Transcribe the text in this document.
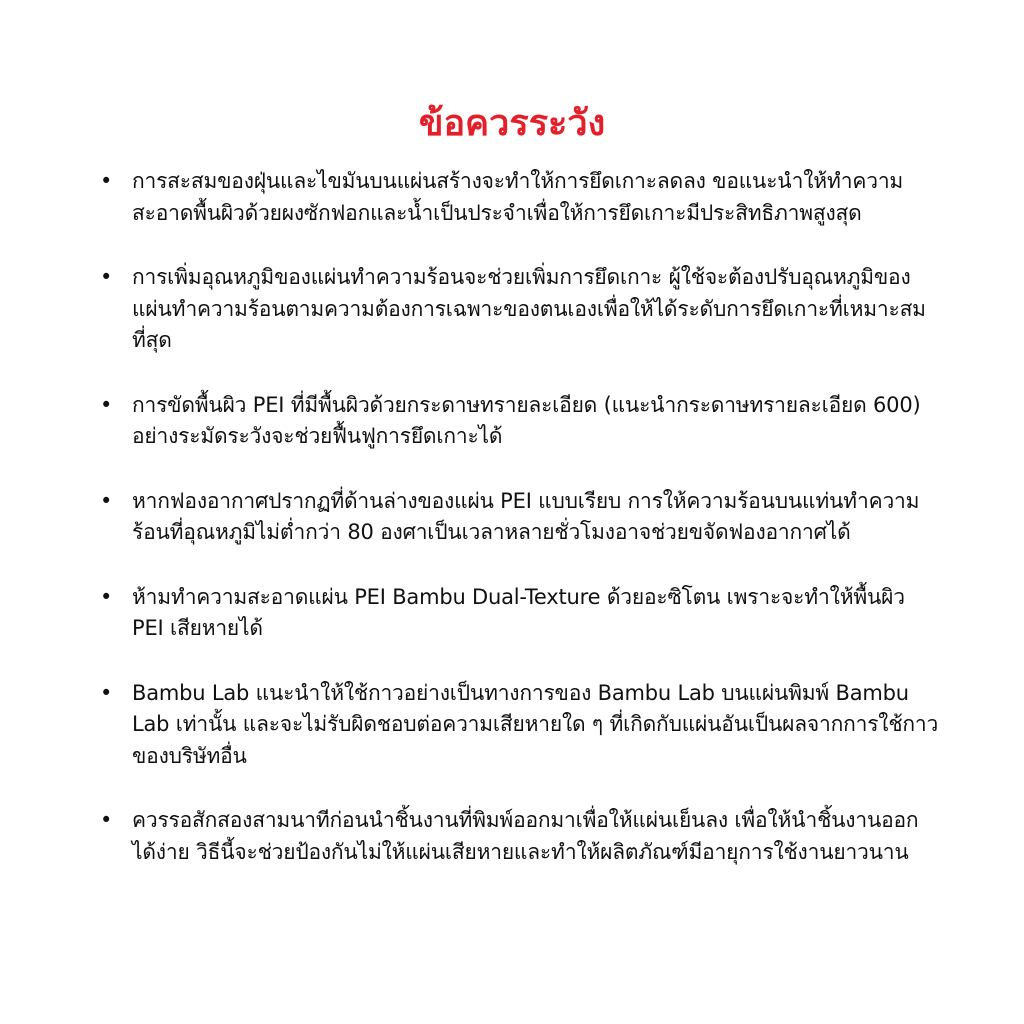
ข้อควรระวัง
• การสะสมของฝุ่นและไขมันบนแผ่นสร้างจะทำให้การยึดเกาะลดลง ขอแนะนำให้ทำความสะอาดพื้นผิวด้วยผงซักฟอกและน้ำเป็นประจำเพื่อให้การยึดเกาะมีประสิทธิภาพสูงสุด
• การเพิ่มอุณหภูมิของแผ่นทำความร้อนจะช่วยเพิ่มการยึดเกาะ ผู้ใช้จะต้องปรับอุณหภูมิของแผ่นทำความร้อนตามความต้องการเฉพาะของตนเองเพื่อให้ได้ระดับการยึดเกาะที่เหมาะสมที่สุด
• การขัดพื้นผิว PEI ที่มีพื้นผิวด้วยกระดาษทรายละเอียด (แนะนำกระดาษทรายละเอียด 600) อย่างระมัดระวังจะช่วยฟื้นฟูการยึดเกาะได้
• หากฟองอากาศปรากฏที่ด้านล่างของแผ่น PEI แบบเรียบ การให้ความร้อนบนแท่นทำความร้อนที่อุณหภูมิไม่ต่ำกว่า 80 องศาเป็นเวลาหลายชั่วโมงอาจช่วยขจัดฟองอากาศได้
• ห้ามทำความสะอาดแผ่น PEI Bambu Dual-Texture ด้วยอะซิโตน เพราะจะทำให้พื้นผิว PEI เสียหายได้
• Bambu Lab แนะนำให้ใช้กาวอย่างเป็นทางการของ Bambu Lab บนแผ่นพิมพ์ Bambu Lab เท่านั้น และจะไม่รับผิดชอบต่อความเสียหายใด ๆ ที่เกิดกับแผ่นอันเป็นผลจากการใช้กาวของบริษัทอื่น
• ควรรอสักสองสามนาทีก่อนนำชิ้นงานที่พิมพ์ออกมาเพื่อให้แผ่นเย็นลง เพื่อให้นำชิ้นงานออกได้ง่าย วิธีนี้จะช่วยป้องกันไม่ให้แผ่นเสียหายและทำให้ผลิตภัณฑ์มีอายุการใช้งานยาวนาน
